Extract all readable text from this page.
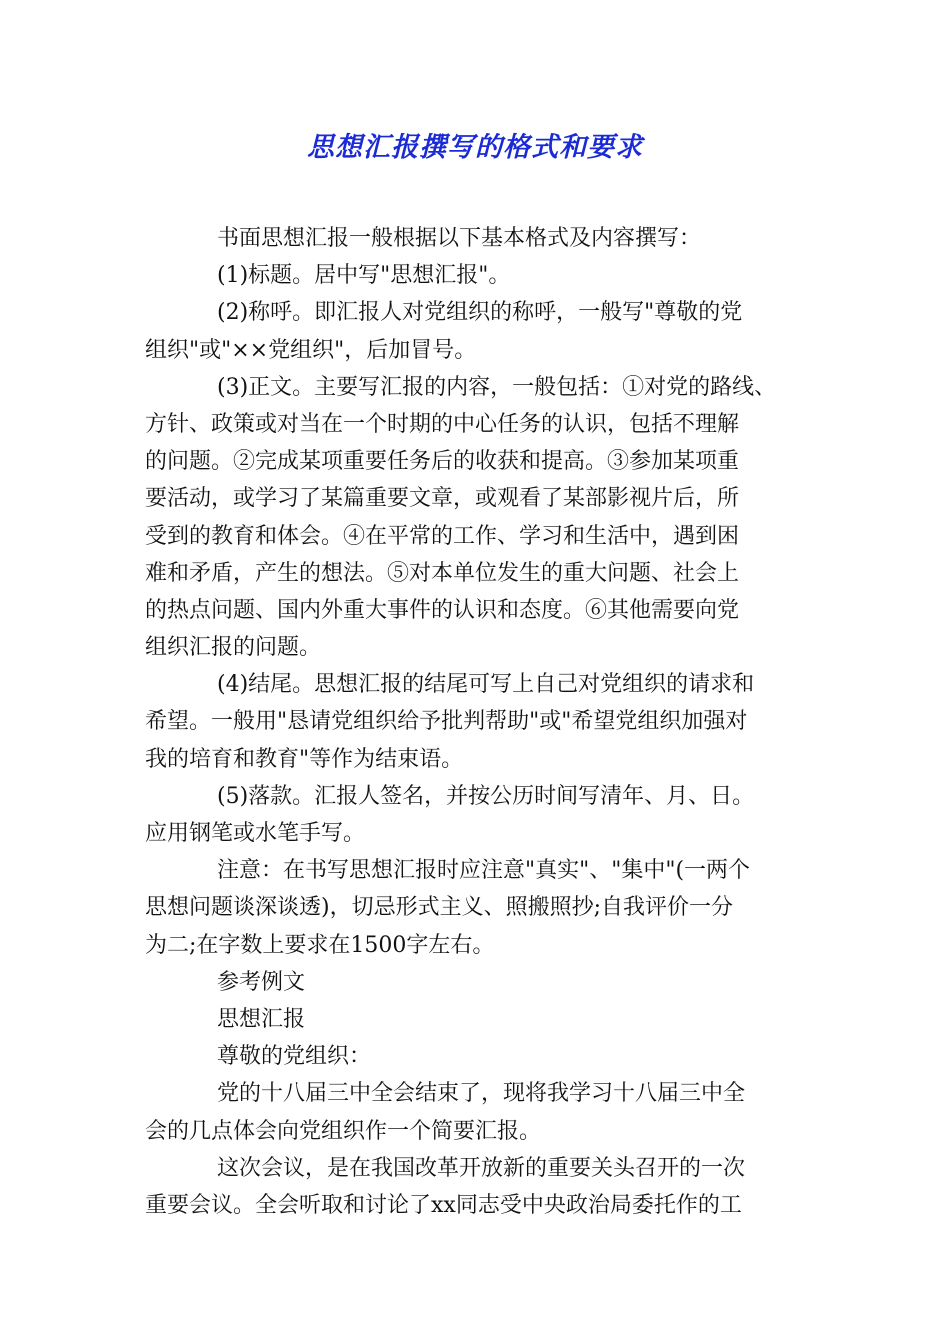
思想汇报撰写的格式和要求
书面思想汇报一般根据以下基本格式及内容撰写：
(1)标题。居中写"思想汇报"。
(2)称呼。即汇报人对党组织的称呼，一般写"尊敬的党
组织"或"××党组织"，后加冒号。
(3)正文。主要写汇报的内容，一般包括：①对党的路线、
方针、政策或对当在一个时期的中心任务的认识，包括不理解
的问题。②完成某项重要任务后的收获和提高。③参加某项重
要活动，或学习了某篇重要文章，或观看了某部影视片后，所
受到的教育和体会。④在平常的工作、学习和生活中，遇到困
难和矛盾，产生的想法。⑤对本单位发生的重大问题、社会上
的热点问题、国内外重大事件的认识和态度。⑥其他需要向党
组织汇报的问题。
(4)结尾。思想汇报的结尾可写上自己对党组织的请求和
希望。一般用"恳请党组织给予批判帮助"或"希望党组织加强对
我的培育和教育"等作为结束语。
(5)落款。汇报人签名，并按公历时间写清年、月、日。
应用钢笔或水笔手写。
注意：在书写思想汇报时应注意"真实"、"集中"(一两个
思想问题谈深谈透)，切忌形式主义、照搬照抄;自我评价一分
为二;在字数上要求在1500字左右。
参考例文
思想汇报
尊敬的党组织：
党的十八届三中全会结束了，现将我学习十八届三中全
会的几点体会向党组织作一个简要汇报。
这次会议，是在我国改革开放新的重要关头召开的一次
重要会议。全会听取和讨论了xx同志受中央政治局委托作的工
